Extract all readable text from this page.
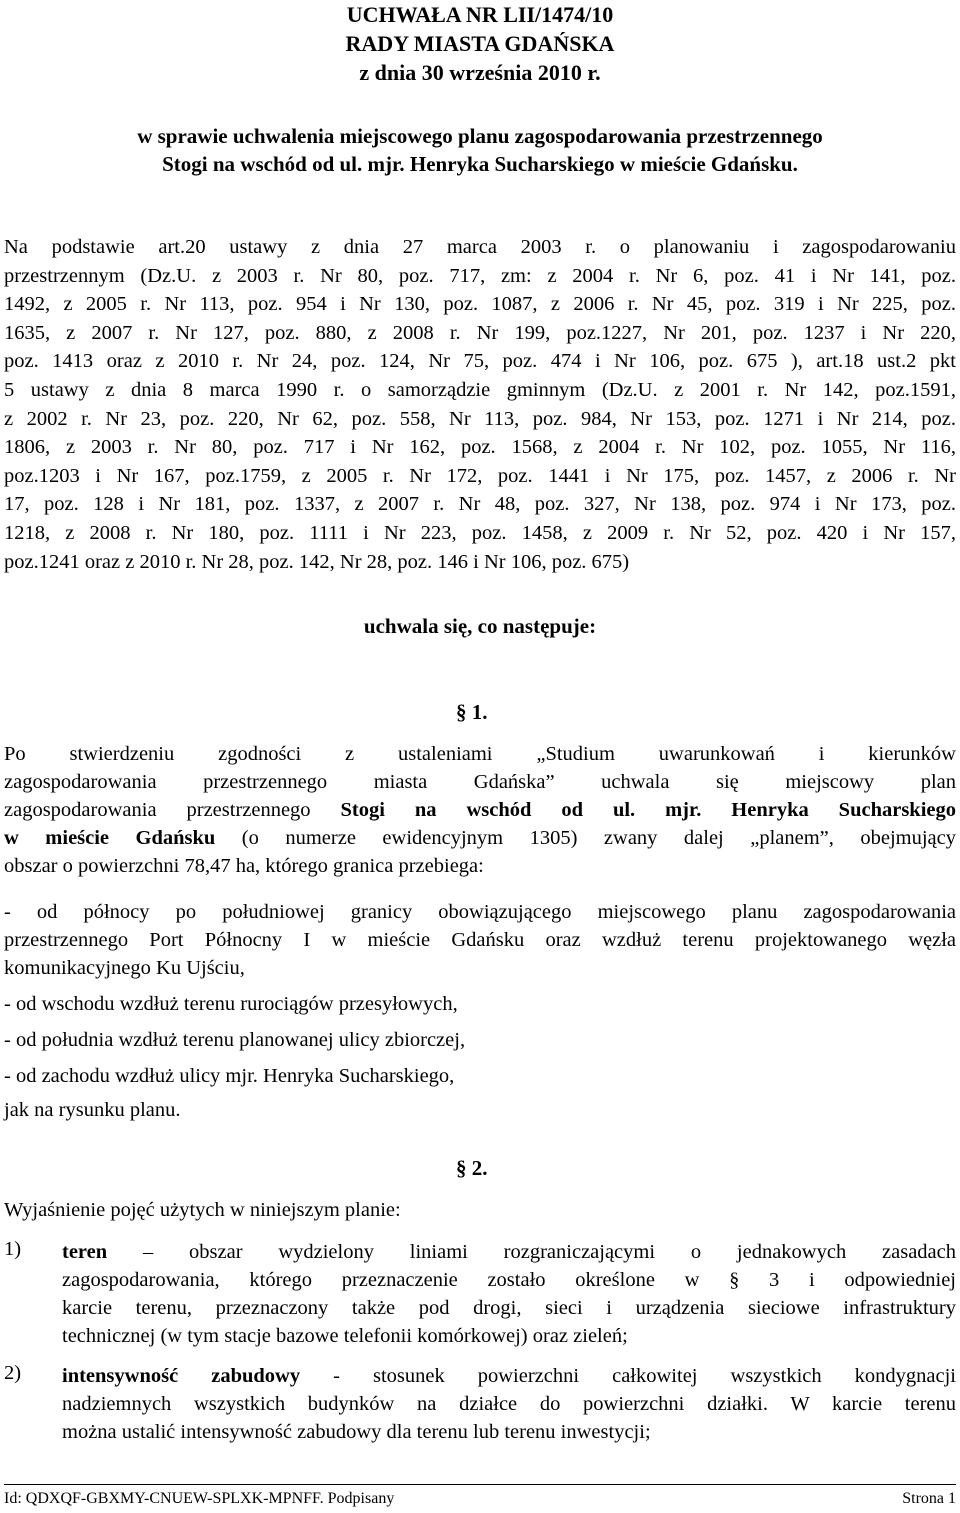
UCHWAŁA NR LII/1474/10
RADY MIASTA GDAŃSKA
z dnia 30 września 2010 r.
w sprawie uchwalenia miejscowego planu zagospodarowania przestrzennego
Stogi na wschód od ul. mjr. Henryka Sucharskiego w mieście Gdańsku.
Na podstawie art.20 ustawy z dnia 27 marca 2003 r. o planowaniu i zagospodarowaniu
przestrzennym (Dz.U. z 2003 r. Nr 80, poz. 717, zm: z 2004 r. Nr 6, poz. 41 i Nr 141, poz.
1492, z 2005 r. Nr 113, poz. 954 i Nr 130, poz. 1087, z 2006 r. Nr 45, poz. 319 i Nr 225, poz.
1635, z 2007 r. Nr 127, poz. 880, z 2008 r. Nr 199, poz.1227, Nr 201, poz. 1237 i Nr 220,
poz. 1413 oraz z 2010 r. Nr 24, poz. 124, Nr 75, poz. 474 i Nr 106, poz. 675 ), art.18 ust.2 pkt
5 ustawy z dnia 8 marca 1990 r. o samorządzie gminnym (Dz.U. z 2001 r. Nr 142, poz.1591,
z 2002 r. Nr 23, poz. 220, Nr 62, poz. 558, Nr 113, poz. 984, Nr 153, poz. 1271 i Nr 214, poz.
1806, z 2003 r. Nr 80, poz. 717 i Nr 162, poz. 1568, z 2004 r. Nr 102, poz. 1055, Nr 116,
poz.1203 i Nr 167, poz.1759, z 2005 r. Nr 172, poz. 1441 i Nr 175, poz. 1457, z 2006 r. Nr
17, poz. 128 i Nr 181, poz. 1337, z 2007 r. Nr 48, poz. 327, Nr 138, poz. 974 i Nr 173, poz.
1218, z 2008 r. Nr 180, poz. 1111 i Nr 223, poz. 1458, z 2009 r. Nr 52, poz. 420 i Nr 157,
poz.1241 oraz z 2010 r. Nr 28, poz. 142, Nr 28, poz. 146 i Nr 106, poz. 675)
uchwala się, co następuje:
§ 1.
Po stwierdzeniu zgodności z ustaleniami „Studium uwarunkowań i kierunków
zagospodarowania przestrzennego miasta Gdańska” uchwala się miejscowy plan
zagospodarowania przestrzennego Stogi na wschód od ul. mjr. Henryka Sucharskiego
w mieście Gdańsku (o numerze ewidencyjnym 1305) zwany dalej „planem”, obejmujący
obszar o powierzchni 78,47 ha, którego granica przebiega:
- od północy po południowej granicy obowiązującego miejscowego planu zagospodarowania
przestrzennego Port Północny I w mieście Gdańsku oraz wzdłuż terenu projektowanego węzła
komunikacyjnego Ku Ujściu,
- od wschodu wzdłuż terenu rurociągów przesyłowych,
- od południa wzdłuż terenu planowanej ulicy zbiorczej,
- od zachodu wzdłuż ulicy mjr. Henryka Sucharskiego,
jak na rysunku planu.
§ 2.
Wyjaśnienie pojęć użytych w niniejszym planie:
1) teren – obszar wydzielony liniami rozgraniczającymi o jednakowych zasadach
zagospodarowania, którego przeznaczenie zostało określone w § 3 i odpowiedniej
karcie terenu, przeznaczony także pod drogi, sieci i urządzenia sieciowe infrastruktury
technicznej (w tym stacje bazowe telefonii komórkowej) oraz zieleń;
2) intensywność zabudowy - stosunek powierzchni całkowitej wszystkich kondygnacji
nadziemnych wszystkich budynków na działce do powierzchni działki. W karcie terenu
można ustalić intensywność zabudowy dla terenu lub terenu inwestycji;
Id: QDXQF-GBXMY-CNUEW-SPLXK-MPNFF. Podpisany	Strona 1
